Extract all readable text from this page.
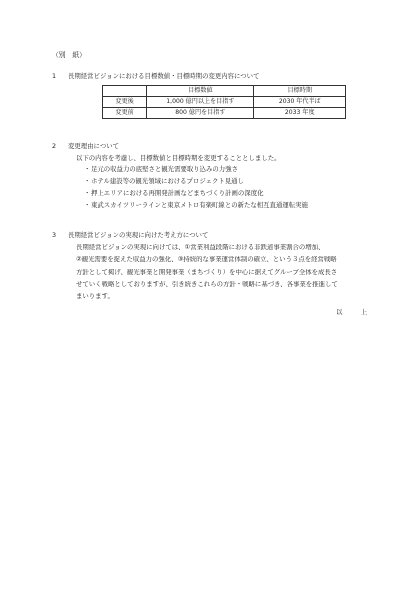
（別　紙）
1 長期経営ビジョンにおける目標数値・目標時期の変更内容について
	目標数値	目標時期
変更後	1,000 億円以上を目指す	2030 年代半ば
変更前	800 億円を目指す	2033 年度
2 変更理由について
以下の内容を考慮し、目標数値と目標時期を変更することとしました。
・足元の収益力の底堅さと観光需要取り込みの力強さ
・ホテル建設等の観光領域におけるプロジェクト見通し
・押上エリアにおける再開発計画などまちづくり計画の深度化
・東武スカイツリーラインと東京メトロ有楽町線との新たな相互直通運転実施
3 長期経営ビジョンの実現に向けた考え方について
長期経営ビジョンの実現に向けては、①営業利益段階における非鉄道事業割合の増加、
②観光需要を捉えた収益力の強化、③持続的な事業運営体制の確立、という３点を経営戦略
方針として掲げ、観光事業と開発事業（まちづくり）を中心に据えてグループ全体を成長さ
せていく戦略としておりますが、引き続きこれらの方針・戦略に基づき、各事業を推進して
まいります。
以　上
